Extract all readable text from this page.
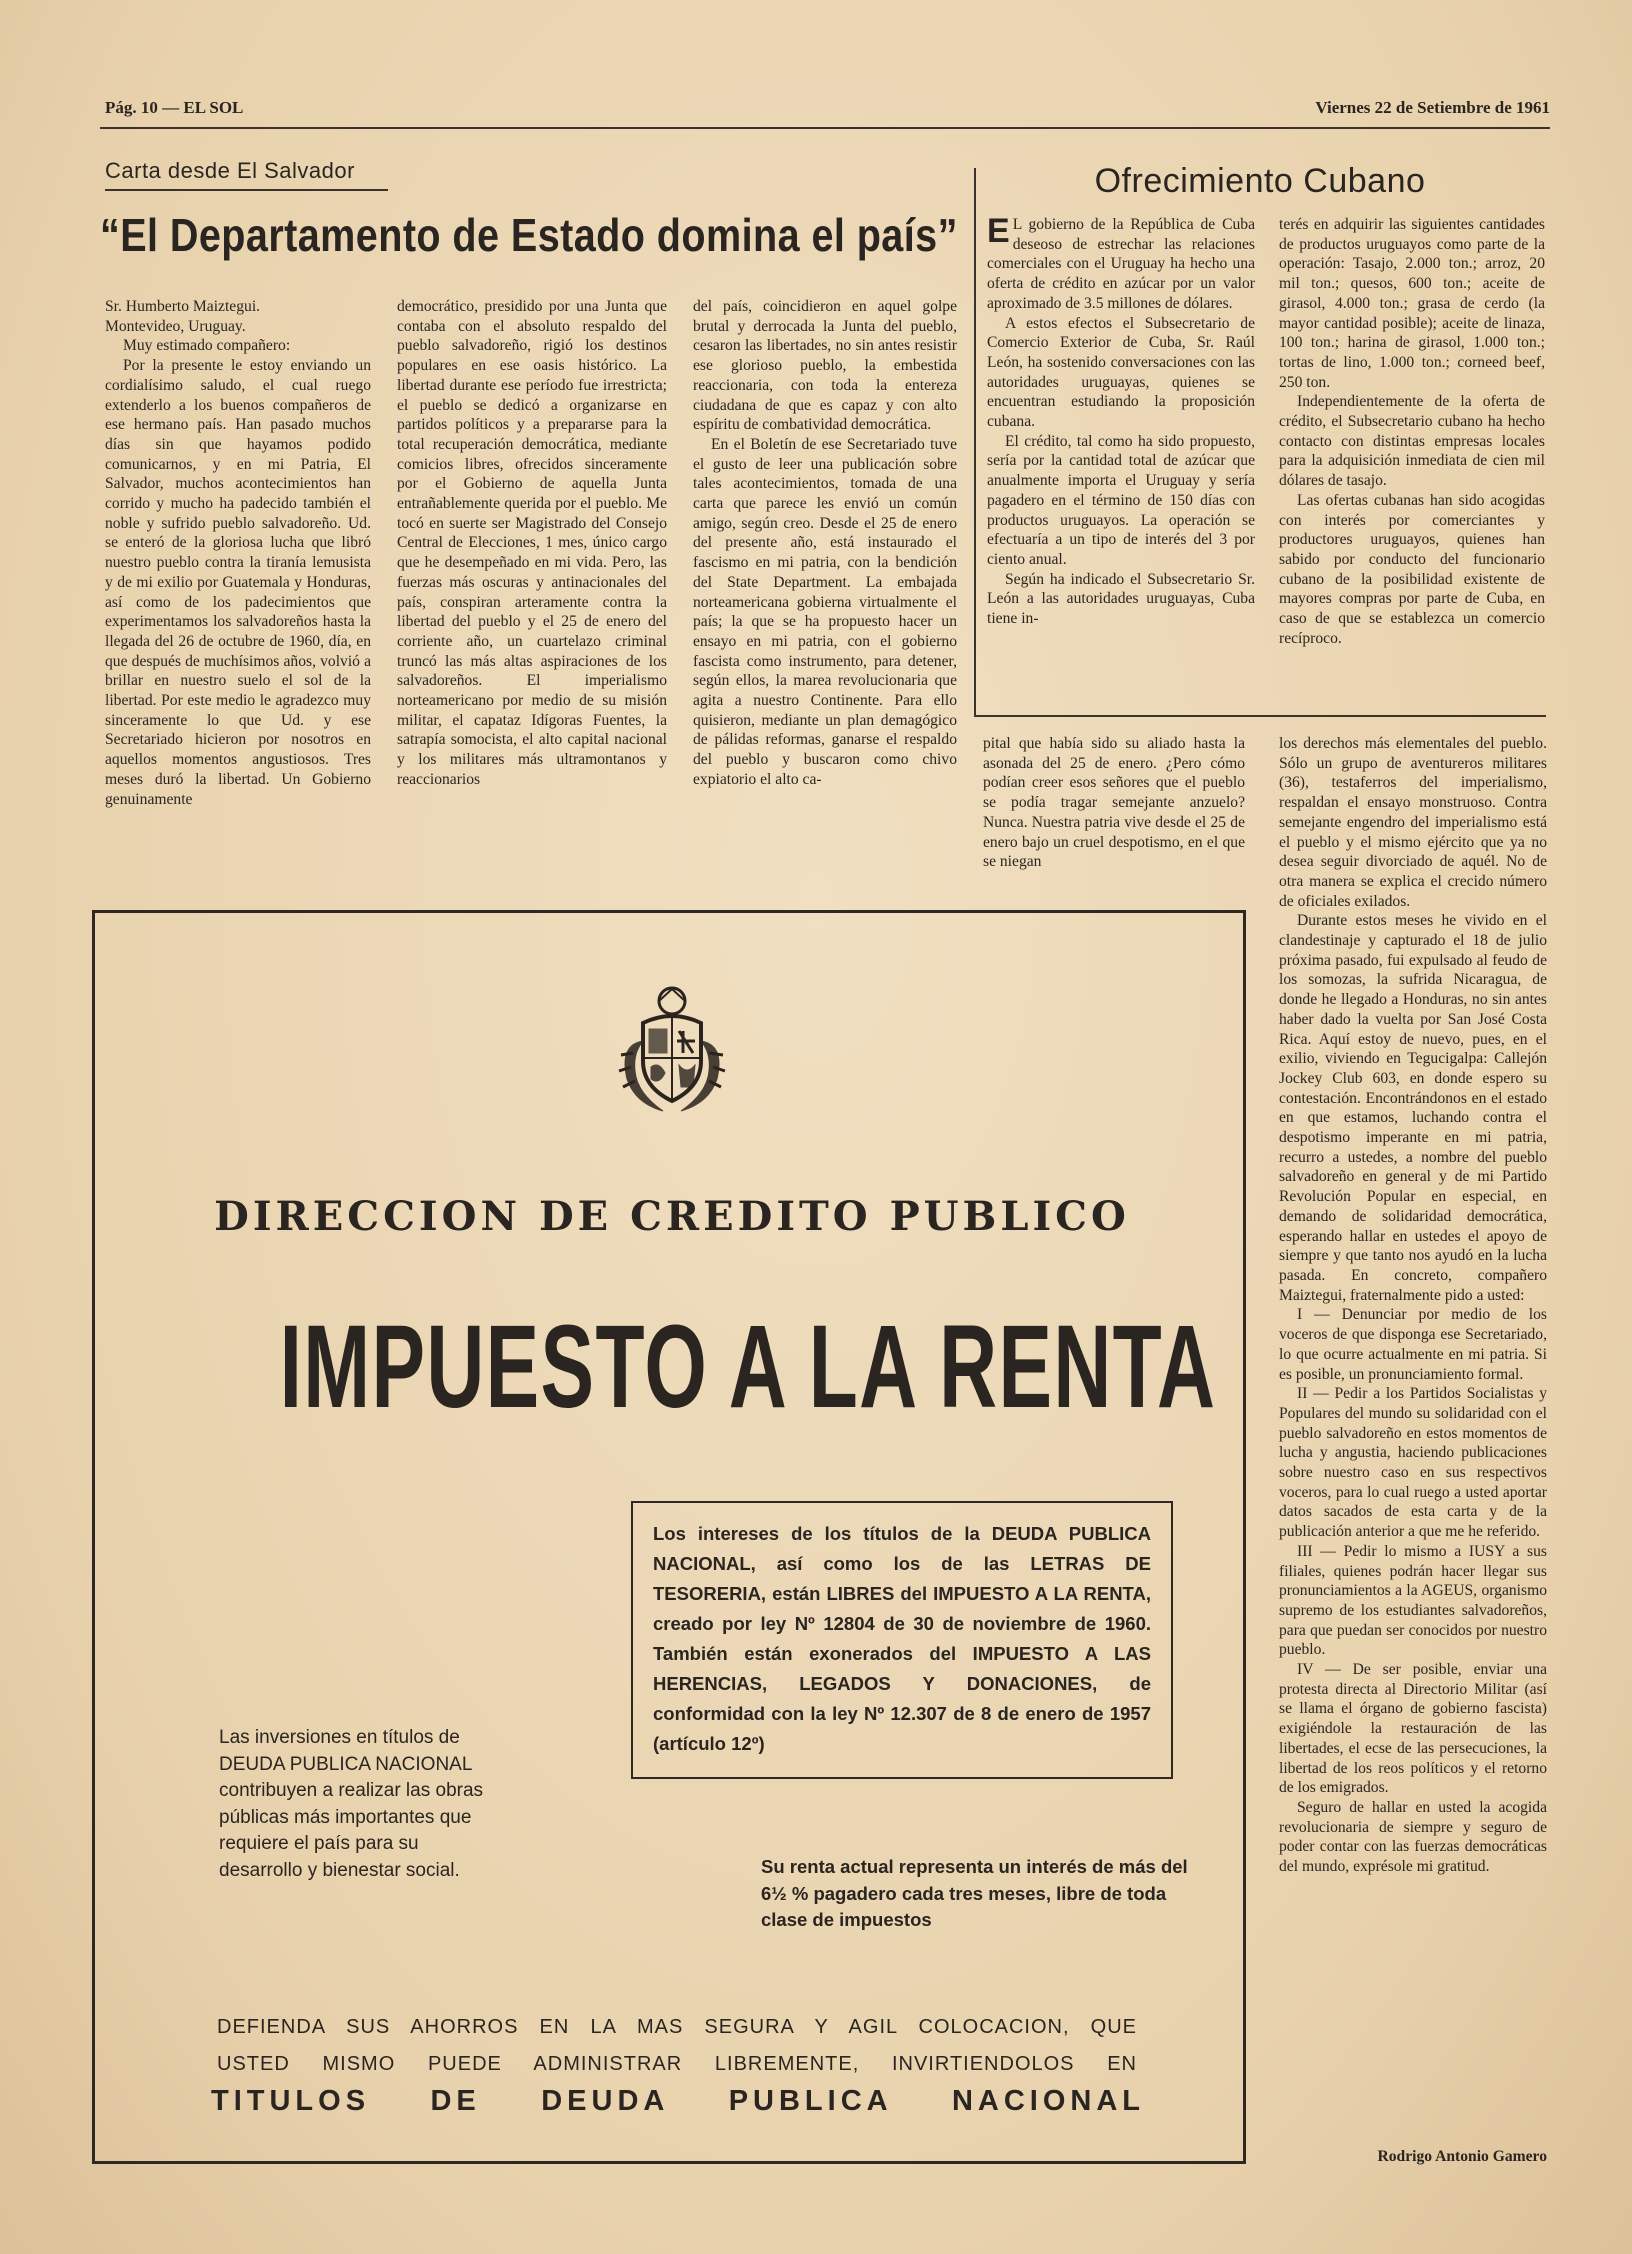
Pág. 10 — EL SOL	Viernes 22 de Setiembre de 1961
Carta desde El Salvador
“El Departamento de Estado domina el país”

Sr. Humberto Maiztegui.

Montevideo, Uruguay.

Muy estimado compañero:

Por la presente le estoy enviando un cordialísimo saludo, el cual ruego extenderlo a los buenos compañeros de ese hermano país. Han pasado muchos días sin que hayamos podido comunicarnos, y en mi Patria, El Salvador, muchos acontecimientos han corrido y mucho ha padecido también el noble y sufrido pueblo salvadoreño. Ud. se enteró de la gloriosa lucha que libró nuestro pueblo contra la tiranía lemusista y de mi exilio por Guatemala y Honduras, así como de los padecimientos que experimentamos los salvadoreños hasta la llegada del 26 de octubre de 1960, día, en que después de muchísimos años, volvió a brillar en nuestro suelo el sol de la libertad. Por este medio le agradezco muy sinceramente lo que Ud. y ese Secretariado hicieron por nosotros en aquellos momentos angustiosos. Tres meses duró la libertad. Un Gobierno genuinamente

democrático, presidido por una Junta que contaba con el absoluto respaldo del pueblo salvadoreño, rigió los destinos populares en ese oasis histórico. La libertad durante ese período fue irrestricta; el pueblo se dedicó a organizarse en partidos políticos y a prepararse para la total recuperación democrática, mediante comicios libres, ofrecidos sinceramente por el Gobierno de aquella Junta entrañablemente querida por el pueblo. Me tocó en suerte ser Magistrado del Consejo Central de Elecciones, 1 mes, único cargo que he desempeñado en mi vida. Pero, las fuerzas más oscuras y antinacionales del país, conspiran arteramente contra la libertad del pueblo y el 25 de enero del corriente año, un cuartelazo criminal truncó las más altas aspiraciones de los salvadoreños. El imperialismo norteamericano por medio de su misión militar, el capataz Idígoras Fuentes, la satrapía somocista, el alto capital nacional y los militares más ultramontanos y reaccionarios

del país, coincidieron en aquel golpe brutal y derrocada la Junta del pueblo, cesaron las libertades, no sin antes resistir ese glorioso pueblo, la embestida reaccionaria, con toda la entereza ciudadana de que es capaz y con alto espíritu de combatividad democrática.

En el Boletín de ese Secretariado tuve el gusto de leer una publicación sobre tales acontecimientos, tomada de una carta que parece les envió un común amigo, según creo. Desde el 25 de enero del presente año, está instaurado el fascismo en mi patria, con la bendición del State Department. La embajada norteamericana gobierna virtualmente el país; la que se ha propuesto hacer un ensayo en mi patria, con el gobierno fascista como instrumento, para detener, según ellos, la marea revolucionaria que agita a nuestro Continente. Para ello quisieron, mediante un plan demagógico de pálidas reformas, ganarse el respaldo del pueblo y buscaron como chivo expiatorio el alto ca-

pital que había sido su aliado hasta la asonada del 25 de enero. ¿Pero cómo podían creer esos señores que el pueblo se podía tragar semejante anzuelo? Nunca. Nuestra patria vive desde el 25 de enero bajo un cruel despotismo, en el que se niegan

los derechos más elementales del pueblo. Sólo un grupo de aventureros militares (36), testaferros del imperialismo, respaldan el ensayo monstruoso. Contra semejante engendro del imperialismo está el pueblo y el mismo ejército que ya no desea seguir divorciado de aquél. No de otra manera se explica el crecido número de oficiales exilados.

Durante estos meses he vivido en el clandestinaje y capturado el 18 de julio próxima pasado, fui expulsado al feudo de los somozas, la sufrida Nicaragua, de donde he llegado a Honduras, no sin antes haber dado la vuelta por San José Costa Rica. Aquí estoy de nuevo, pues, en el exilio, viviendo en Tegucigalpa: Callejón Jockey Club 603, en donde espero su contestación. Encontrándonos en el estado en que estamos, luchando contra el despotismo imperante en mi patria, recurro a ustedes, a nombre del pueblo salvadoreño en general y de mi Partido Revolución Popular en especial, en demando de solidaridad democrática, esperando hallar en ustedes el apoyo de siempre y que tanto nos ayudó en la lucha pasada. En concreto, compañero Maiztegui, fraternalmente pido a usted:

I — Denunciar por medio de los voceros de que disponga ese Secretariado, lo que ocurre actualmente en mi patria. Si es posible, un pronunciamiento formal.

II — Pedir a los Partidos Socialistas y Populares del mundo su solidaridad con el pueblo salvadoreño en estos momentos de lucha y angustia, haciendo publicaciones sobre nuestro caso en sus respectivos voceros, para lo cual ruego a usted aportar datos sacados de esta carta y de la publicación anterior a que me he referido.

III — Pedir lo mismo a IUSY a sus filiales, quienes podrán hacer llegar sus pronunciamientos a la AGEUS, organismo supremo de los estudiantes salvadoreños, para que puedan ser conocidos por nuestro pueblo.

IV — De ser posible, enviar una protesta directa al Directorio Militar (así se llama el órgano de gobierno fascista) exigiéndole la restauración de las libertades, el ecse de las persecuciones, la libertad de los reos políticos y el retorno de los emigrados.

Seguro de hallar en usted la acogida revolucionaria de siempre y seguro de poder contar con las fuerzas democráticas del mundo, exprésole mi gratitud.

Rodrigo Antonio Gamero

Ofrecimiento Cubano

E L gobierno de la República de Cuba deseoso de estrechar las relaciones comerciales con el Uruguay ha hecho una oferta de crédito en azúcar por un valor aproximado de 3.5 millones de dólares.

A estos efectos el Subsecretario de Comercio Exterior de Cuba, Sr. Raúl León, ha sostenido conversaciones con las autoridades uruguayas, quienes se encuentran estudiando la proposición cubana.

El crédito, tal como ha sido propuesto, sería por la cantidad total de azúcar que anualmente importa el Uruguay y sería pagadero en el término de 150 días con productos uruguayos. La operación se efectuaría a un tipo de interés del 3 por ciento anual.

Según ha indicado el Subsecretario Sr. León a las autoridades uruguayas, Cuba tiene in-

terés en adquirir las siguientes cantidades de productos uruguayos como parte de la operación: Tasajo, 2.000 ton.; arroz, 20 mil ton.; quesos, 600 ton.; aceite de girasol, 4.000 ton.; grasa de cerdo (la mayor cantidad posible); aceite de linaza, 100 ton.; harina de girasol, 1.000 ton.; tortas de lino, 1.000 ton.; corneed beef, 250 ton.

Independientemente de la oferta de crédito, el Subsecretario cubano ha hecho contacto con distintas empresas locales para la adquisición inmediata de cien mil dólares de tasajo.

Las ofertas cubanas han sido acogidas con interés por comerciantes y productores uruguayos, quienes han sabido por conducto del funcionario cubano de la posibilidad existente de mayores compras por parte de Cuba, en caso de que se establezca un comercio recíproco.

DIRECCION DE CREDITO PUBLICO
IMPUESTO A LA RENTA
Los intereses de los títulos de la DEUDA PUBLICA NACIONAL, así como los de las LETRAS DE TESORERIA, están LIBRES del IMPUESTO A LA RENTA, creado por ley Nº 12804 de 30 de noviembre de 1960. También están exonerados del IMPUESTO A LAS HERENCIAS, LEGADOS Y DONACIONES, de conformidad con la ley Nº 12.307 de 8 de enero de 1957 (artículo 12º)
Las inversiones en títulos de DEUDA PUBLICA NACIONAL contribuyen a realizar las obras públicas más importantes que requiere el país para su desarrollo y bienestar social.	Su renta actual representa un interés de más del 6½ % pagadero cada tres meses, libre de toda clase de impuestos
DEFIENDA SUS AHORROS EN LA MAS SEGURA Y AGIL COLOCACION, QUE
USTED MISMO PUEDE ADMINISTRAR LIBREMENTE, INVIRTIENDOLOS EN
TITULOS DE DEUDA PUBLICA NACIONAL
